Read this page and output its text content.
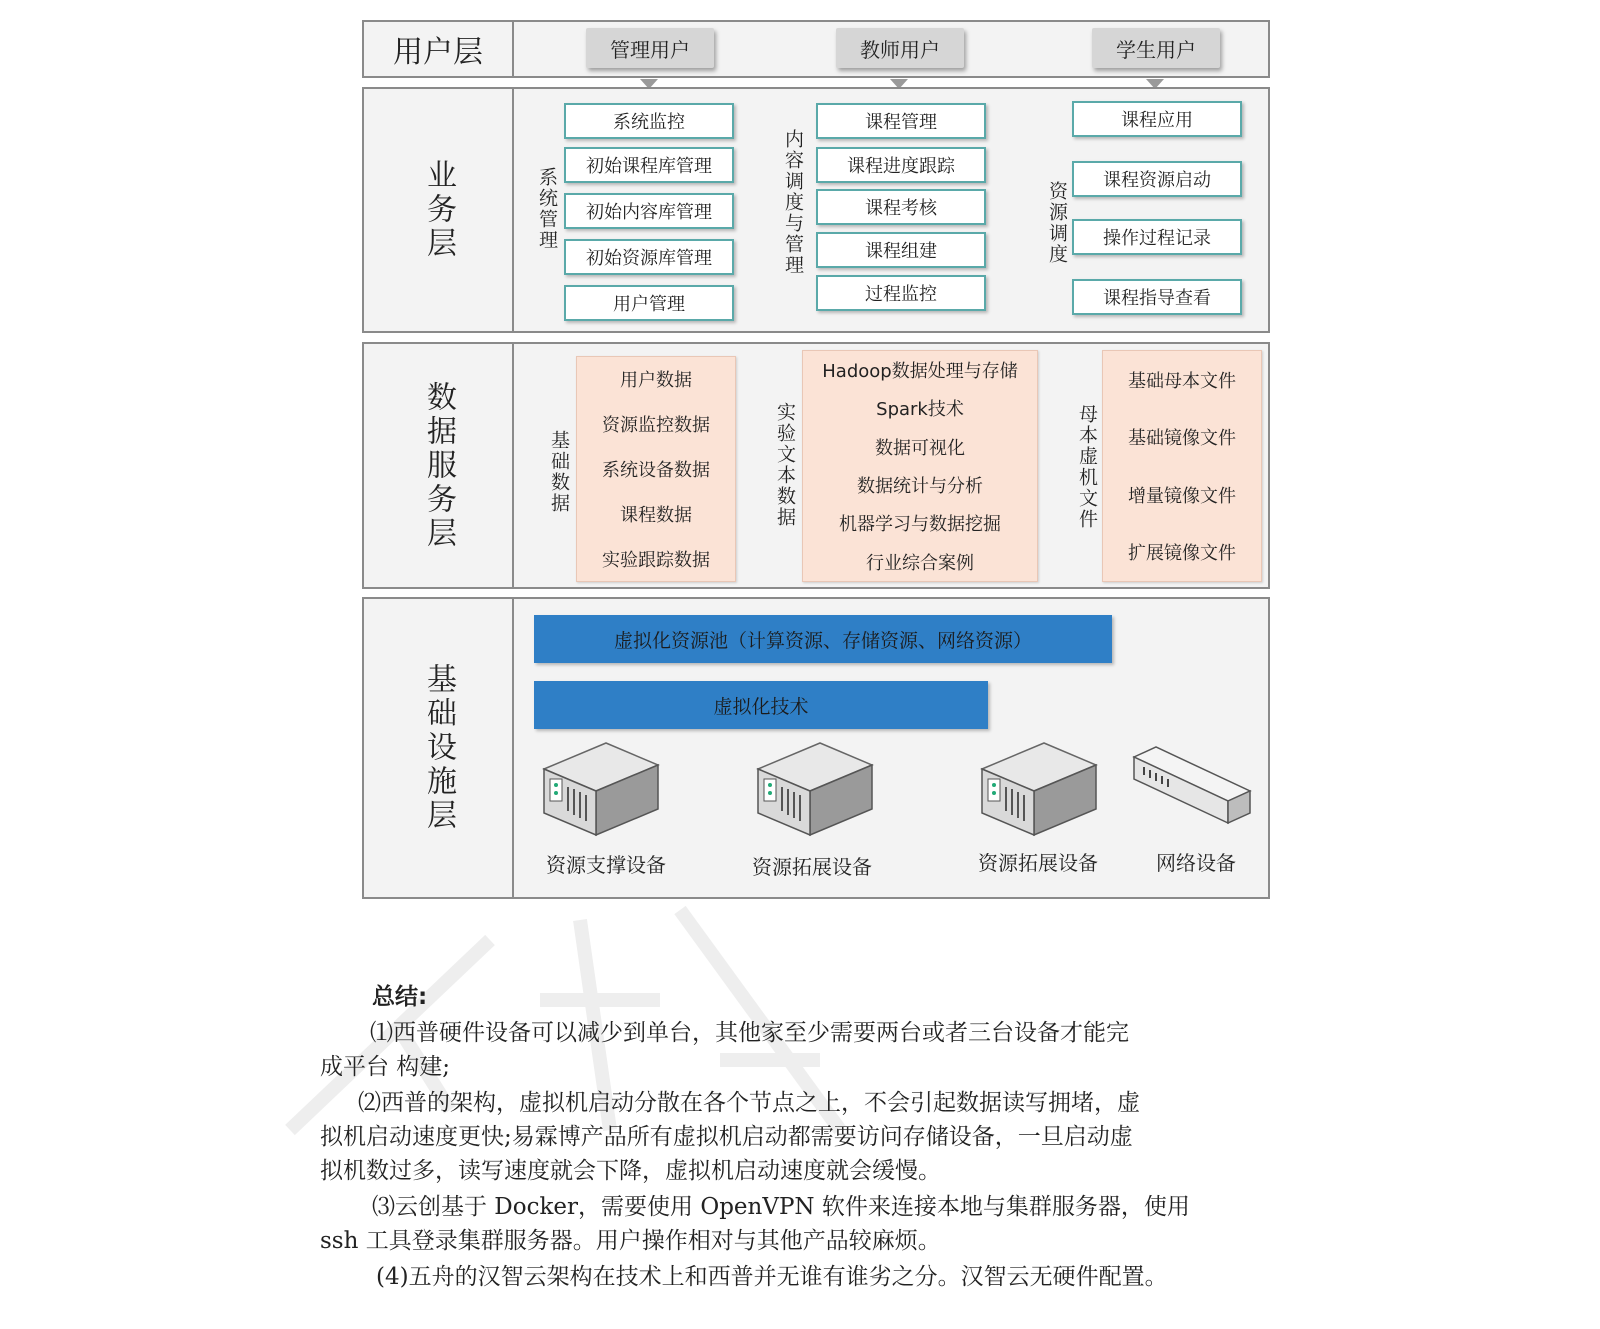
用户层	管理用户	教师用户	学生用户
业务层	系统管理
系统监控
初始课程库管理
初始内容库管理
初始资源库管理
用户管理
内容调度与管理
课程管理
课程进度跟踪
课程考核
课程组建
过程监控
资源调度
课程应用
课程资源启动
操作过程记录
课程指导查看
数据服务层	基础数据
用户数据
资源监控数据
系统设备数据
课程数据
实验跟踪数据
实验文本数据
Hadoop数据处理与存储
Spark技术
数据可视化
数据统计与分析
机器学习与数据挖掘
行业综合案例
母本虚机文件
基础母本文件
基础镜像文件
增量镜像文件
扩展镜像文件
基础设施层
虚拟化资源池（计算资源、存储资源、网络资源）
虚拟化技术
资源支撑设备	资源拓展设备	资源拓展设备	网络设备
总结:
⑴西普硬件设备可以减少到单台，其他家至少需要两台或者三台设备才能完
成平台 构建;
⑵西普的架构，虚拟机启动分散在各个节点之上，不会引起数据读写拥堵，虚
拟机启动速度更快;易霖博产品所有虚拟机启动都需要访问存储设备，一旦启动虚
拟机数过多，读写速度就会下降，虚拟机启动速度就会缓慢。
⑶云创基于 Docker，需要使用 OpenVPN 软件来连接本地与集群服务器，使用
ssh 工具登录集群服务器。用户操作相对与其他产品较麻烦。
(4)五舟的汉智云架构在技术上和西普并无谁有谁劣之分。汉智云无硬件配置。
